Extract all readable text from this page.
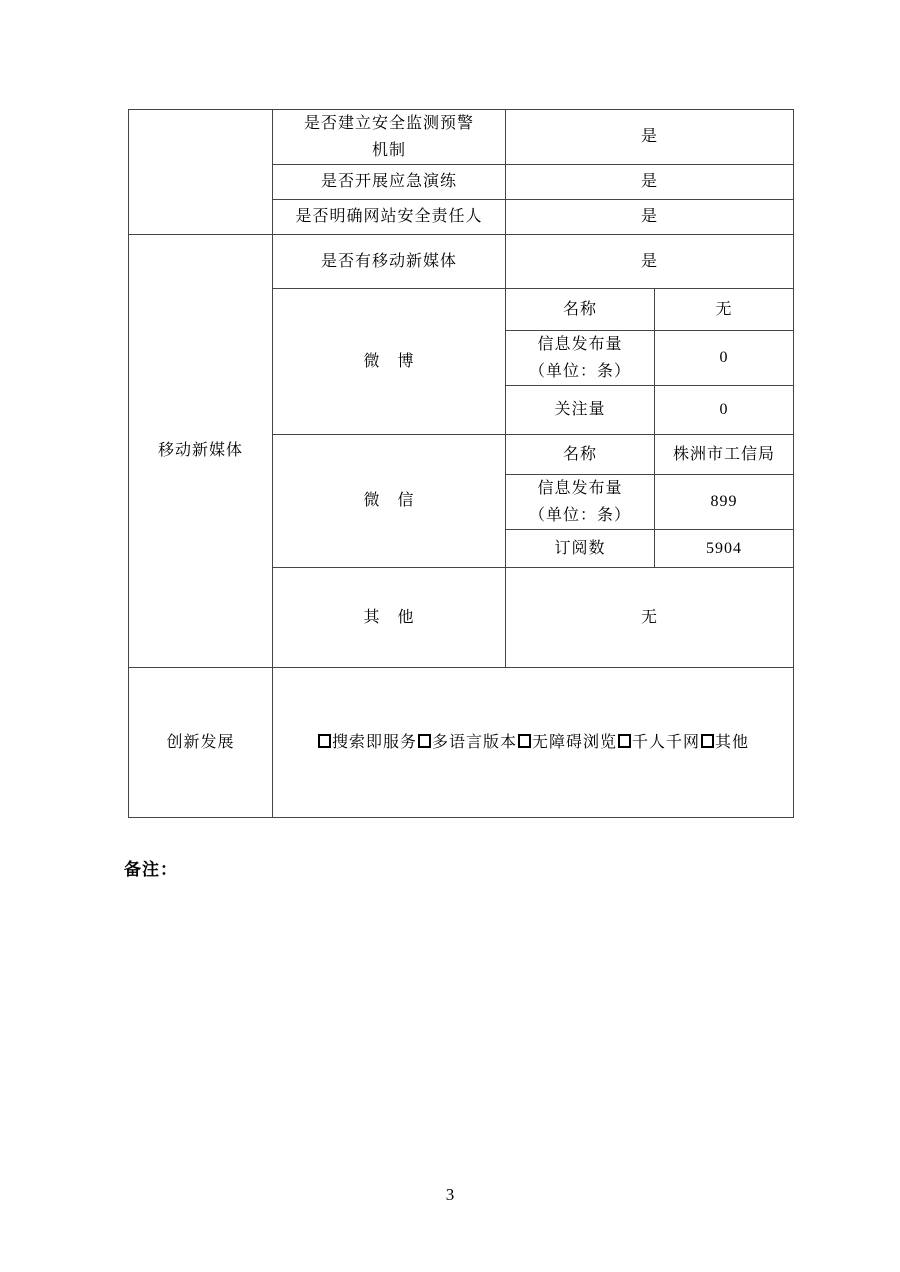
	是否建立安全监测预警
机制	是	
	是否开展应急演练	是	
	是否明确网站安全责任人	是	
移动新媒体	是否有移动新媒体	是	
	微　博	名称	无

		信息发布量
（单位：条）	0
		关注量	0
	微　信	名称	株洲市工信局

		信息发布量
（单位：条）	899
		订阅数	5904
	其　他	无	
创新发展	搜索即服务 多语言版本 无障碍浏览 千人千网 其他		
备注：
3
